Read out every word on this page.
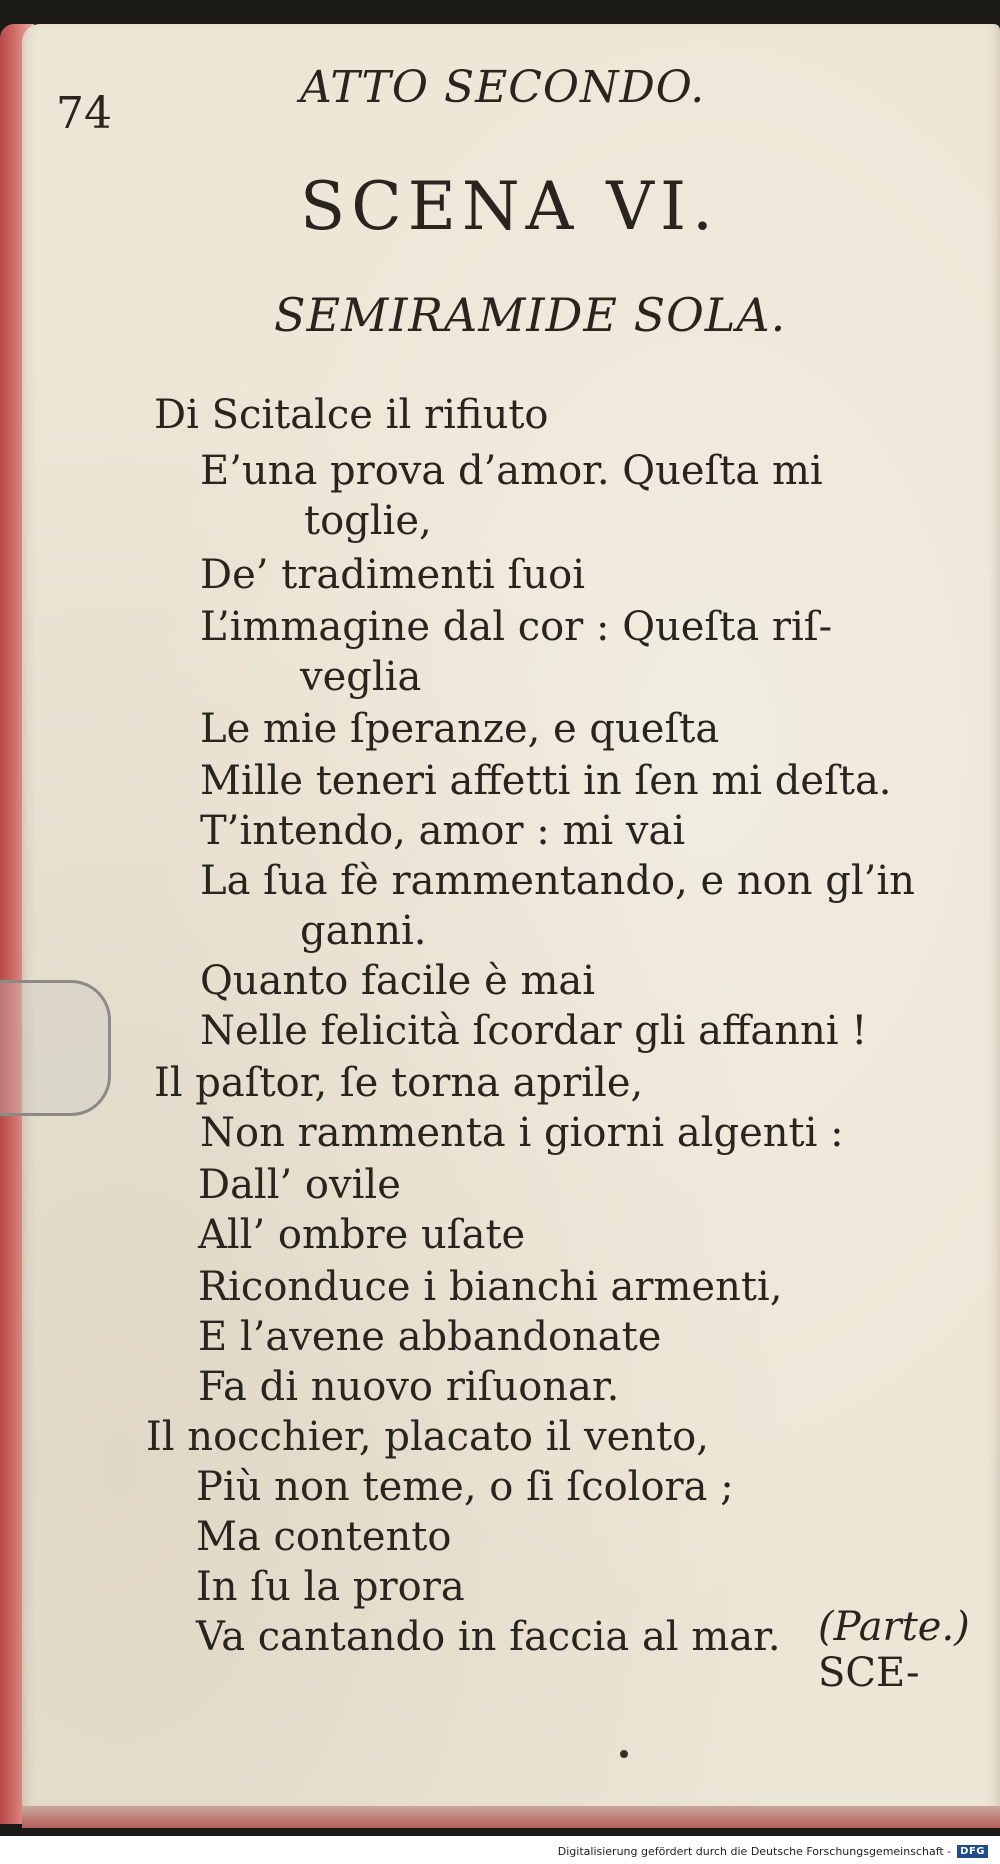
74
ATTO SECONDO.
SCENA VI.
SEMIRAMIDE SOLA.
Di Scitalce il rifiuto
E’una prova d’amor. Queſta mi
toglie,
De’ tradimenti ſuoi
L’immagine dal cor : Queſta riſ-
veglia
Le mie ſperanze, e queſta
Mille teneri affetti in ſen mi deſta.
T’intendo, amor : mi vai
La ſua fè rammentando, e non gl’in
ganni.
Quanto facile è mai
Nelle felicità ſcordar gli affanni !
Il paſtor, ſe torna aprile,
Non rammenta i giorni algenti :
Dall’ ovile
All’ ombre uſate
Riconduce i bianchi armenti,
E l’avene abbandonate
Fa di nuovo riſuonar.
Il nocchier, placato il vento,
Più non teme, o ſi ſcolora ;
Ma contento
In ſu la prora
Va cantando in faccia al mar. (Parte.)
SCE-
Digitalisierung gefördert durch die Deutsche Forschungsgemeinschaft - DFG
